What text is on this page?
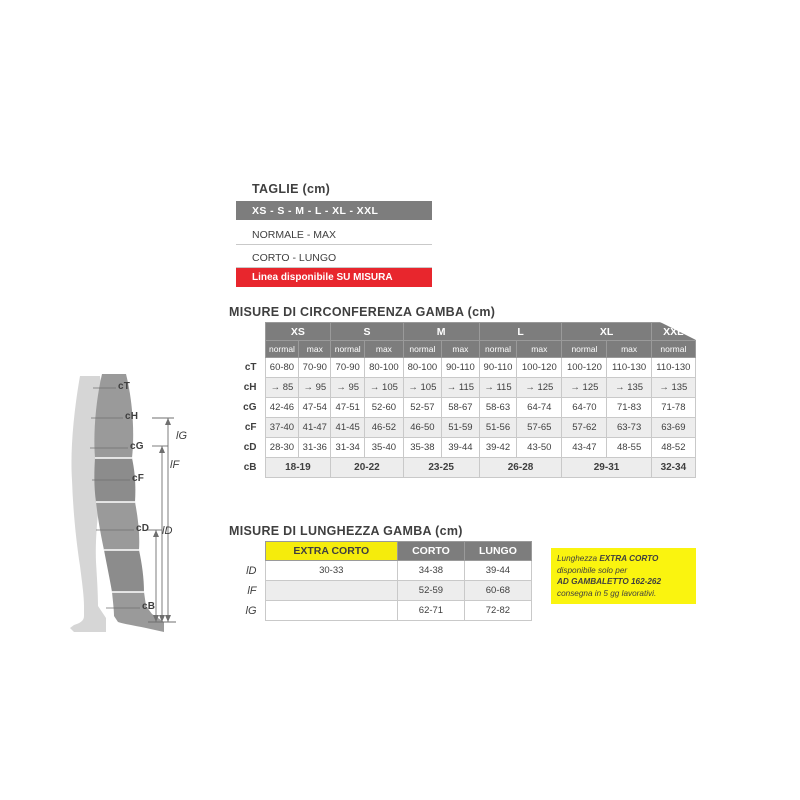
cT
cH
cG
cF
cD
cB
lG
lF
lD
TAGLIE (cm)
XS - S - M - L - XL - XXL
NORMALE - MAX
CORTO - LUNGO
Linea disponibile SU MISURA
MISURE DI CIRCONFERENZA GAMBA (cm)
	XS		S		M		L		XL		XXL
	normal	max	normal	max	normal	max	normal	max	normal	max	normal
cT	60-80	70-90	70-90	80-100	80-100	90-110	90-110	100-120	100-120	110-130	110-130
cH	→ 85	→ 95	→ 95	→ 105	→ 105	→ 115	→ 115	→ 125	→ 125	→ 135	→ 135
cG	42-46	47-54	47-51	52-60	52-57	58-67	58-63	64-74	64-70	71-83	71-78
cF	37-40	41-47	41-45	46-52	46-50	51-59	51-56	57-65	57-62	63-73	63-69
cD	28-30	31-36	31-34	35-40	35-38	39-44	39-42	43-50	43-47	48-55	48-52
cB	18-19		20-22		23-25		26-28		29-31		32-34
MISURE DI LUNGHEZZA GAMBA (cm)
	EXTRA CORTO	CORTO	LUNGO
lD	30-33	34-38	39-44
lF		52-59	60-68
lG		62-71	72-82
Lunghezza EXTRA CORTO
disponibile solo per
AD GAMBALETTO 162-262
consegna in 5 gg lavorativi.
